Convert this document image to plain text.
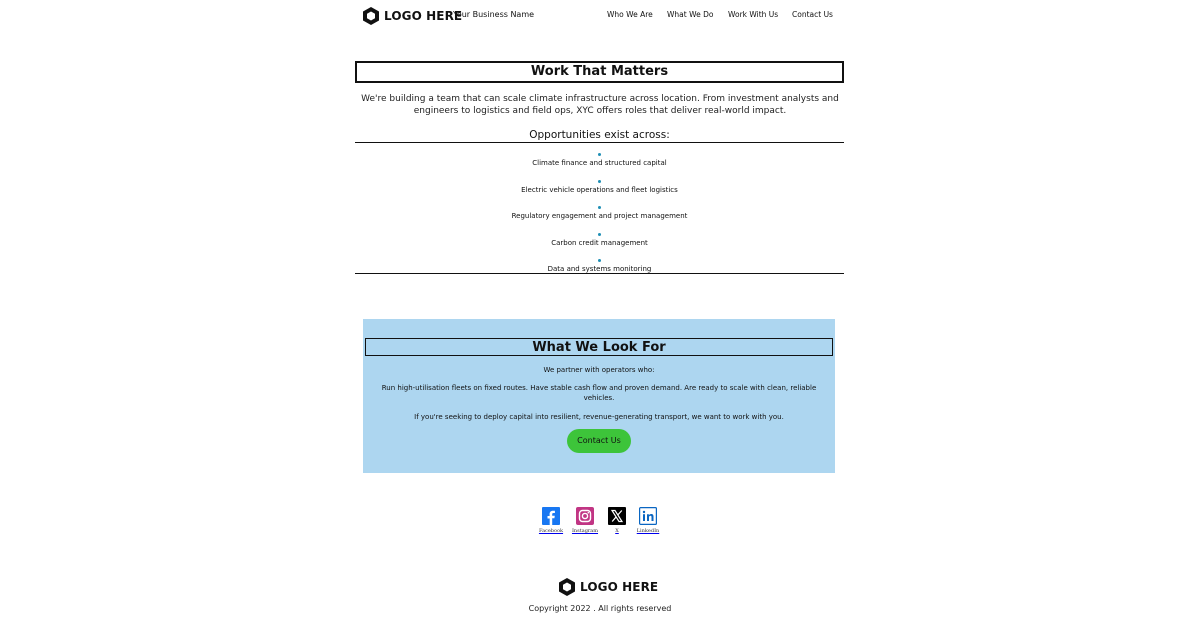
LOGO HERE
Your Business Name	Who We Are What We Do Work With Us Contact Us
Work That Matters
We're building a team that can scale climate infrastructure across location. From investment analysts and engineers to logistics and field ops, XYC offers roles that deliver real-world impact.
Opportunities exist across:
Climate finance and structured capital
Electric vehicle operations and fleet logistics
Regulatory engagement and project management
Carbon credit management
Data and systems monitoring
What We Look For
We partner with operators who:
Run high-utilisation fleets on fixed routes. Have stable cash flow and proven demand. Are ready to scale with clean, reliable vehicles.
If you're seeking to deploy capital into resilient, revenue-generating transport, we want to work with you.
Contact Us
Facebook	Instagram	X	LinkedIn
LOGO HERE
Copyright 2022 . All rights reserved
